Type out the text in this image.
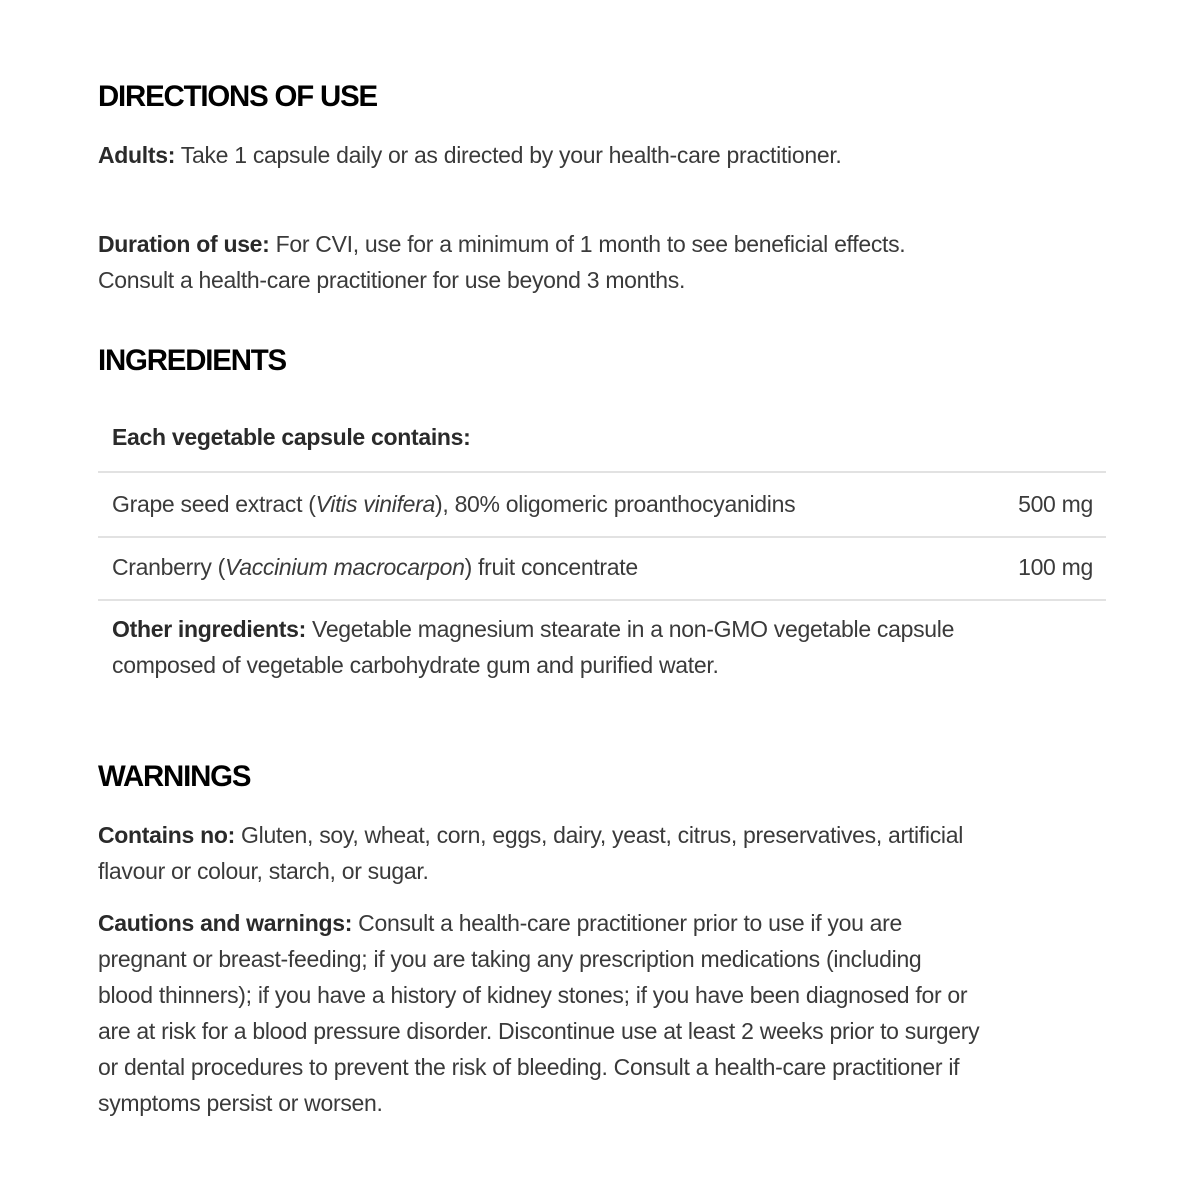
DIRECTIONS OF USE
Adults: Take 1 capsule daily or as directed by your health-care practitioner.
Duration of use: For CVI, use for a minimum of 1 month to see beneficial effects.
Consult a health-care practitioner for use beyond 3 months.
INGREDIENTS
Each vegetable capsule contains:
Grape seed extract (Vitis vinifera), 80% oligomeric proanthocyanidins	500 mg
Cranberry (Vaccinium macrocarpon) fruit concentrate	100 mg
Other ingredients: Vegetable magnesium stearate in a non-GMO vegetable capsule
composed of vegetable carbohydrate gum and purified water.
WARNINGS
Contains no: Gluten, soy, wheat, corn, eggs, dairy, yeast, citrus, preservatives, artificial
flavour or colour, starch, or sugar.
Cautions and warnings: Consult a health-care practitioner prior to use if you are
pregnant or breast-feeding; if you are taking any prescription medications (including
blood thinners); if you have a history of kidney stones; if you have been diagnosed for or
are at risk for a blood pressure disorder. Discontinue use at least 2 weeks prior to surgery
or dental procedures to prevent the risk of bleeding. Consult a health-care practitioner if
symptoms persist or worsen.
